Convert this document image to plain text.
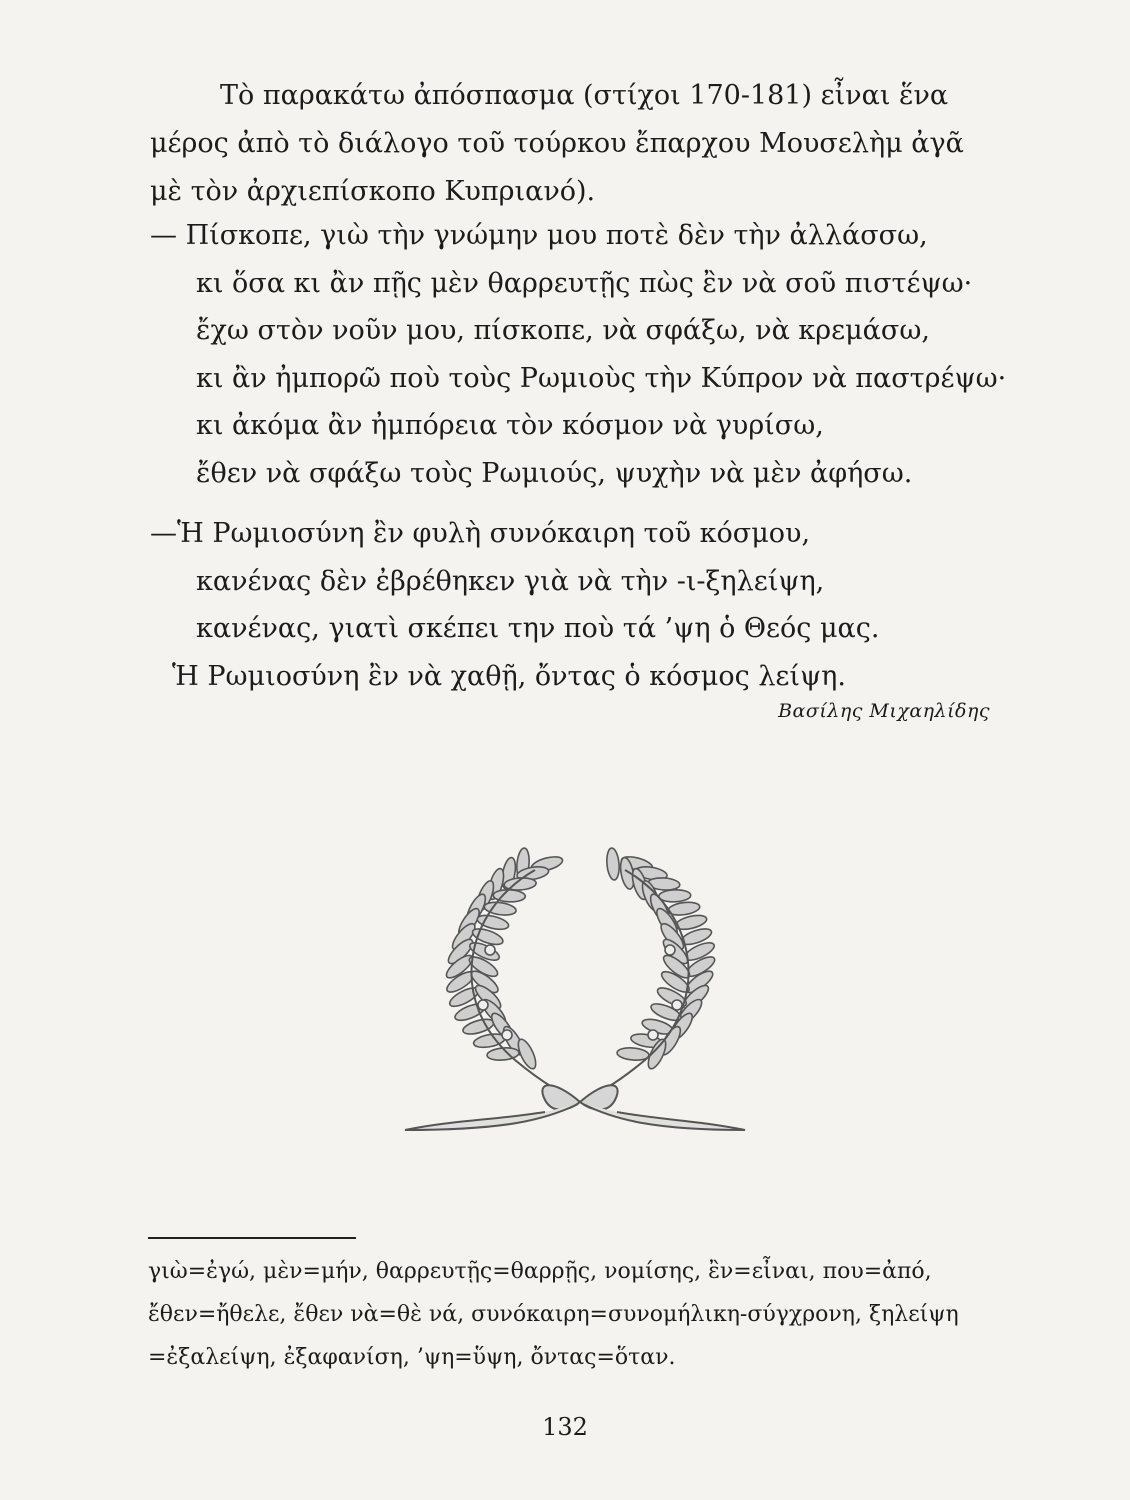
Τὸ παρακάτω ἀπόσπασμα (στίχοι 170-181) εἶναι ἕνα

μέρος ἀπὸ τὸ διάλογο τοῦ τούρκου ἔπαρχου Μουσελὴμ ἀγᾶ

μὲ τὸν ἀρχιεπίσκοπο Κυπριανό).

— Πίσκοπε, γιὼ τὴν γνώμην μου ποτὲ δὲν τὴν ἀλλάσσω,
κι ὅσα κι ἂν πῇς μὲν θαρρευτῇς πὼς ἒν νὰ σοῦ πιστέψω·
ἔχω στὸν νοῦν μου, πίσκοπε, νὰ σφάξω, νὰ κρεμάσω,
κι ἂν ἠμπορῶ ποὺ τοὺς Ρωμιοὺς τὴν Κύπρον νὰ παστρέψω·
κι ἀκόμα ἂν ἠμπόρεια τὸν κόσμον νὰ γυρίσω,
ἔθεν νὰ σφάξω τοὺς Ρωμιούς, ψυχὴν νὰ μὲν ἀφήσω.
—Ἡ Ρωμιοσύνη ἒν φυλὴ συνόκαιρη τοῦ κόσμου,
κανένας δὲν ἐβρέθηκεν γιὰ νὰ τὴν -ι-ξηλείψη,
κανένας, γιατὶ σκέπει την ποὺ τά ’ψη ὁ Θεός μας.
Ἡ Ρωμιοσύνη ἒν νὰ χαθῇ, ὄντας ὁ κόσμος λείψη.
Βασίλης Μιχαηλίδης

γιὼ=ἐγώ, μὲν=μήν, θαρρευτῇς=θαρρῇς, νομίσης, ἒν=εἶναι, που=ἀπό,

ἔθεν=ἤθελε, ἔθεν νὰ=θὲ νά, συνόκαιρη=συνομήλικη-σύγχρονη, ξηλείψη

=ἐξαλείψη, ἐξαφανίση, ’ψη=ὕψη, ὄντας=ὅταν.

132
